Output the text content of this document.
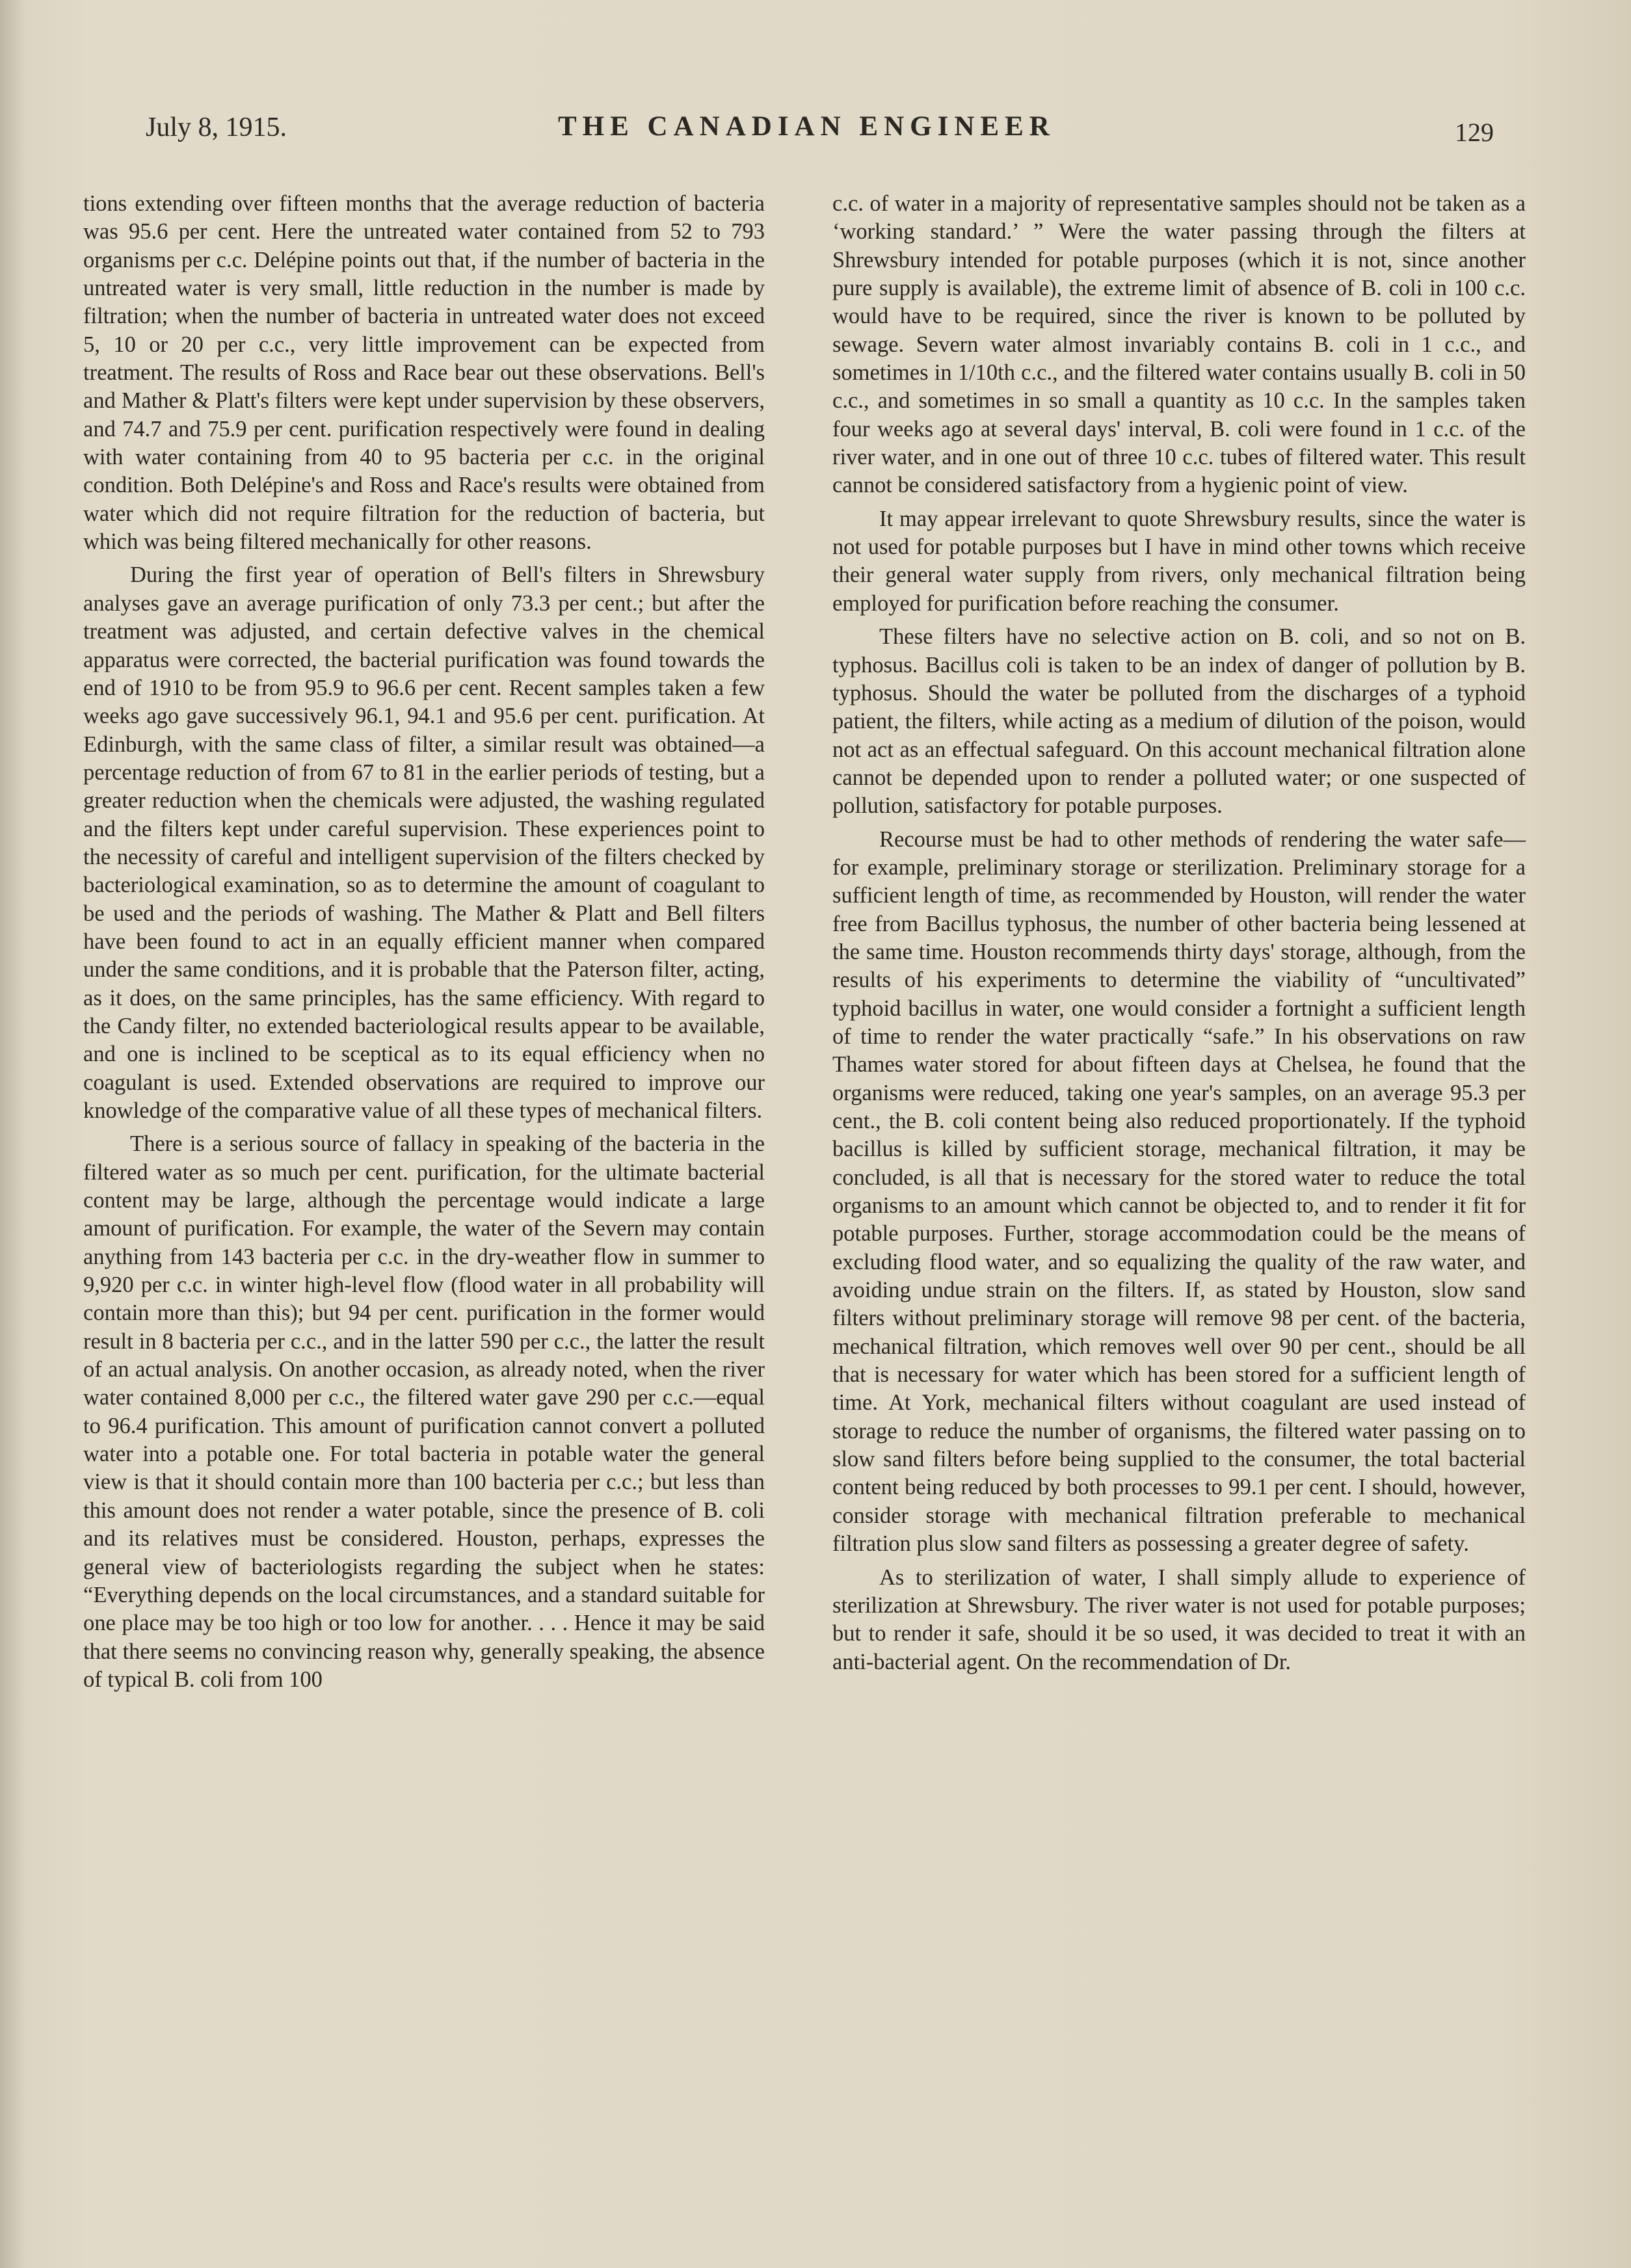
July 8, 1915.	THE CANADIAN ENGINEER	129

tions extending over fifteen months that the average reduction of bacteria was 95.6 per cent. Here the untreated water contained from 52 to 793 organisms per c.c. Delépine points out that, if the number of bacteria in the untreated water is very small, little reduction in the number is made by filtration; when the number of bacteria in untreated water does not exceed 5, 10 or 20 per c.c., very little improvement can be expected from treatment. The results of Ross and Race bear out these observations. Bell's and Mather & Platt's filters were kept under supervision by these observers, and 74.7 and 75.9 per cent. purification respectively were found in dealing with water containing from 40 to 95 bacteria per c.c. in the original condition. Both Delépine's and Ross and Race's results were obtained from water which did not require filtration for the reduction of bacteria, but which was being filtered mechanically for other reasons.

During the first year of operation of Bell's filters in Shrewsbury analyses gave an average purification of only 73.3 per cent.; but after the treatment was adjusted, and certain defective valves in the chemical apparatus were corrected, the bacterial purification was found towards the end of 1910 to be from 95.9 to 96.6 per cent. Recent samples taken a few weeks ago gave successively 96.1, 94.1 and 95.6 per cent. purification. At Edinburgh, with the same class of filter, a similar result was obtained—a percentage reduction of from 67 to 81 in the earlier periods of testing, but a greater reduction when the chemicals were adjusted, the washing regulated and the filters kept under careful supervision. These experiences point to the necessity of careful and intelligent supervision of the filters checked by bacteriological examination, so as to determine the amount of coagulant to be used and the periods of washing. The Mather & Platt and Bell filters have been found to act in an equally efficient manner when compared under the same conditions, and it is probable that the Paterson filter, acting, as it does, on the same principles, has the same efficiency. With regard to the Candy filter, no extended bacteriological results appear to be available, and one is inclined to be sceptical as to its equal efficiency when no coagulant is used. Extended observations are required to improve our knowledge of the comparative value of all these types of mechanical filters.

There is a serious source of fallacy in speaking of the bacteria in the filtered water as so much per cent. purification, for the ultimate bacterial content may be large, although the percentage would indicate a large amount of purification. For example, the water of the Severn may contain anything from 143 bacteria per c.c. in the dry-weather flow in summer to 9,920 per c.c. in winter high-level flow (flood water in all probability will contain more than this); but 94 per cent. purification in the former would result in 8 bacteria per c.c., and in the latter 590 per c.c., the latter the result of an actual analysis. On another occasion, as already noted, when the river water contained 8,000 per c.c., the filtered water gave 290 per c.c.—equal to 96.4 purification. This amount of purification cannot convert a polluted water into a potable one. For total bacteria in potable water the general view is that it should contain more than 100 bacteria per c.c.; but less than this amount does not render a water potable, since the presence of B. coli and its relatives must be considered. Houston, perhaps, expresses the general view of bacteriologists regarding the subject when he states: “Everything depends on the local circumstances, and a standard suitable for one place may be too high or too low for another. . . . Hence it may be said that there seems no convincing reason why, generally speaking, the absence of typical B. coli from 100

c.c. of water in a majority of representative samples should not be taken as a ‘working standard.’ ” Were the water passing through the filters at Shrewsbury intended for potable purposes (which it is not, since another pure supply is available), the extreme limit of absence of B. coli in 100 c.c. would have to be required, since the river is known to be polluted by sewage. Severn water almost invariably contains B. coli in 1 c.c., and sometimes in 1/10th c.c., and the filtered water contains usually B. coli in 50 c.c., and sometimes in so small a quantity as 10 c.c. In the samples taken four weeks ago at several days' interval, B. coli were found in 1 c.c. of the river water, and in one out of three 10 c.c. tubes of filtered water. This result cannot be considered satisfactory from a hygienic point of view.

It may appear irrelevant to quote Shrewsbury results, since the water is not used for potable purposes but I have in mind other towns which receive their general water supply from rivers, only mechanical filtration being employed for purification before reaching the consumer.

These filters have no selective action on B. coli, and so not on B. typhosus. Bacillus coli is taken to be an index of danger of pollution by B. typhosus. Should the water be polluted from the discharges of a typhoid patient, the filters, while acting as a medium of dilution of the poison, would not act as an effectual safeguard. On this account mechanical filtration alone cannot be depended upon to render a polluted water; or one suspected of pollution, satisfactory for potable purposes.

Recourse must be had to other methods of rendering the water safe—for example, preliminary storage or sterilization. Preliminary storage for a sufficient length of time, as recommended by Houston, will render the water free from Bacillus typhosus, the number of other bacteria being lessened at the same time. Houston recommends thirty days' storage, although, from the results of his experiments to determine the viability of “uncultivated” typhoid bacillus in water, one would consider a fortnight a sufficient length of time to render the water practically “safe.” In his observations on raw Thames water stored for about fifteen days at Chelsea, he found that the organisms were reduced, taking one year's samples, on an average 95.3 per cent., the B. coli content being also reduced proportionately. If the typhoid bacillus is killed by sufficient storage, mechanical filtration, it may be concluded, is all that is necessary for the stored water to reduce the total organisms to an amount which cannot be objected to, and to render it fit for potable purposes. Further, storage accommodation could be the means of excluding flood water, and so equalizing the quality of the raw water, and avoiding undue strain on the filters. If, as stated by Houston, slow sand filters without preliminary storage will remove 98 per cent. of the bacteria, mechanical filtration, which removes well over 90 per cent., should be all that is necessary for water which has been stored for a sufficient length of time. At York, mechanical filters without coagulant are used instead of storage to reduce the number of organisms, the filtered water passing on to slow sand filters before being supplied to the consumer, the total bacterial content being reduced by both processes to 99.1 per cent. I should, however, consider storage with mechanical filtration preferable to mechanical filtration plus slow sand filters as possessing a greater degree of safety.

As to sterilization of water, I shall simply allude to experience of sterilization at Shrewsbury. The river water is not used for potable purposes; but to render it safe, should it be so used, it was decided to treat it with an anti-bacterial agent. On the recommendation of Dr.
